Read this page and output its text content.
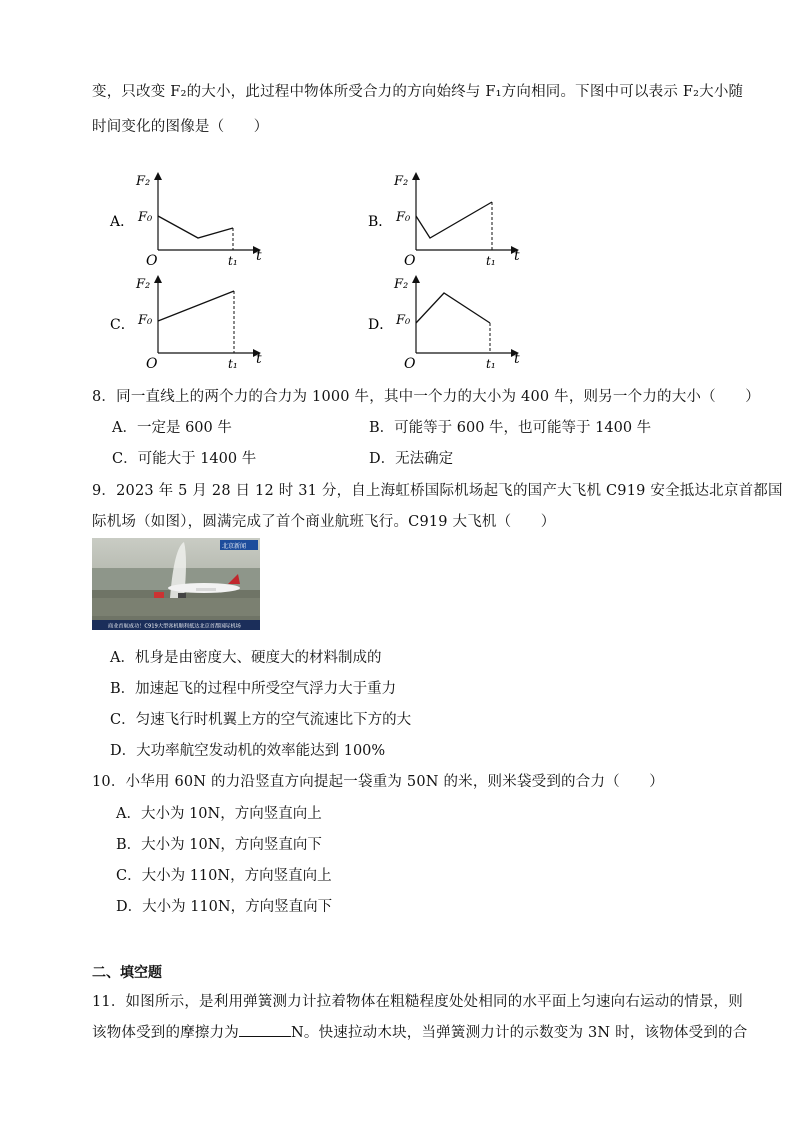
变，只改变 F₂的大小，此过程中物体所受合力的方向始终与 F₁方向相同。下图中可以表示 F₂大小随
时间变化的图像是（　　）
A．
F₂
F₀
O	t₁ t
B．
F₂
F₀
O	t₁ t
C．
F₂
F₀
O	t₁ t
D．
F₂
F₀
O	t₁ t
8．同一直线上的两个力的合力为 1000 牛，其中一个力的大小为 400 牛，则另一个力的大小（　　）
A．一定是 600 牛	B．可能等于 600 牛，也可能等于 1400 牛
C．可能大于 1400 牛	D．无法确定
9．2023 年 5 月 28 日 12 时 31 分，自上海虹桥国际机场起飞的国产大飞机 C919 安全抵达北京首都国
际机场（如图），圆满完成了首个商业航班飞行。C919 大飞机（　　）
北京新闻
商业首航成功！C919大型客机顺利抵达北京首都国际机场
A．机身是由密度大、硬度大的材料制成的
B．加速起飞的过程中所受空气浮力大于重力
C．匀速飞行时机翼上方的空气流速比下方的大
D．大功率航空发动机的效率能达到 100%
10．小华用 60N 的力沿竖直方向提起一袋重为 50N 的米，则米袋受到的合力（　　）
A．大小为 10N，方向竖直向上
B．大小为 10N，方向竖直向下
C．大小为 110N，方向竖直向上
D．大小为 110N，方向竖直向下
二、填空题
11．如图所示，是利用弹簧测力计拉着物体在粗糙程度处处相同的水平面上匀速向右运动的情景，则
该物体受到的摩擦力为	N。快速拉动木块，当弹簧测力计的示数变为 3N 时，该物体受到的合
